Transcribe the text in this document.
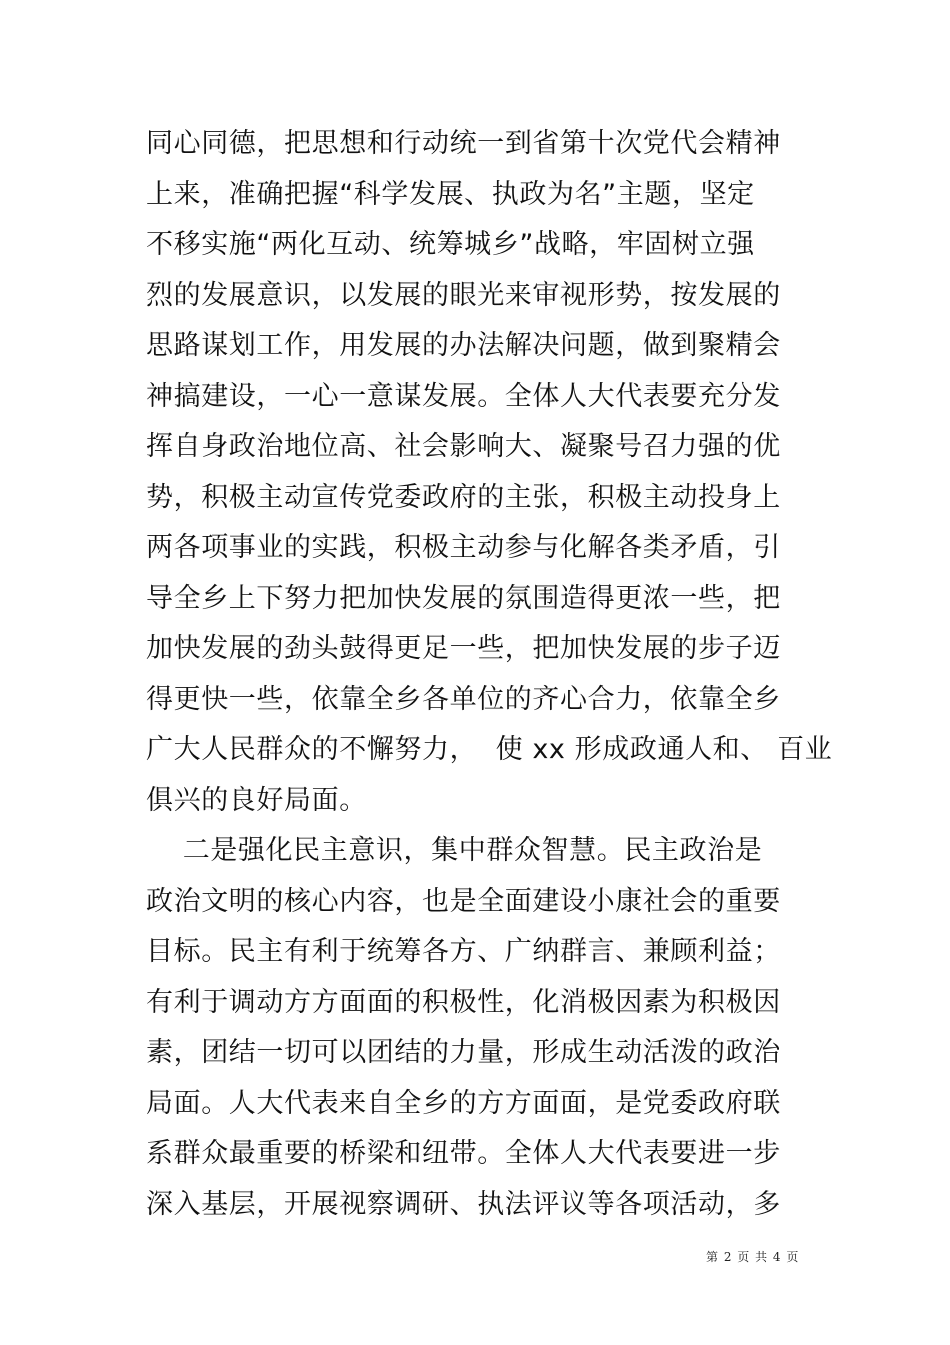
同心同德，把思想和行动统一到省第十次党代会精神
上来，准确把握“科学发展、执政为名”主题，坚定
不移实施“两化互动、统筹城乡”战略，牢固树立强
烈的发展意识，以发展的眼光来审视形势，按发展的
思路谋划工作，用发展的办法解决问题，做到聚精会
神搞建设，一心一意谋发展。全体人大代表要充分发
挥自身政治地位高、社会影响大、凝聚号召力强的优
势，积极主动宣传党委政府的主张，积极主动投身上
两各项事业的实践，积极主动参与化解各类矛盾，引
导全乡上下努力把加快发展的氛围造得更浓一些，把
加快发展的劲头鼓得更足一些，把加快发展的步子迈
得更快一些，依靠全乡各单位的齐心合力，依靠全乡
广大人民群众的不懈努力，  使 xx 形成政通人和、 百业
俱兴的良好局面。
二是强化民主意识，集中群众智慧。民主政治是
政治文明的核心内容，也是全面建设小康社会的重要
目标。民主有利于统筹各方、广纳群言、兼顾利益；
有利于调动方方面面的积极性，化消极因素为积极因
素，团结一切可以团结的力量，形成生动活泼的政治
局面。人大代表来自全乡的方方面面，是党委政府联
系群众最重要的桥梁和纽带。全体人大代表要进一步
深入基层，开展视察调研、执法评议等各项活动，多
第 2 页 共 4 页
